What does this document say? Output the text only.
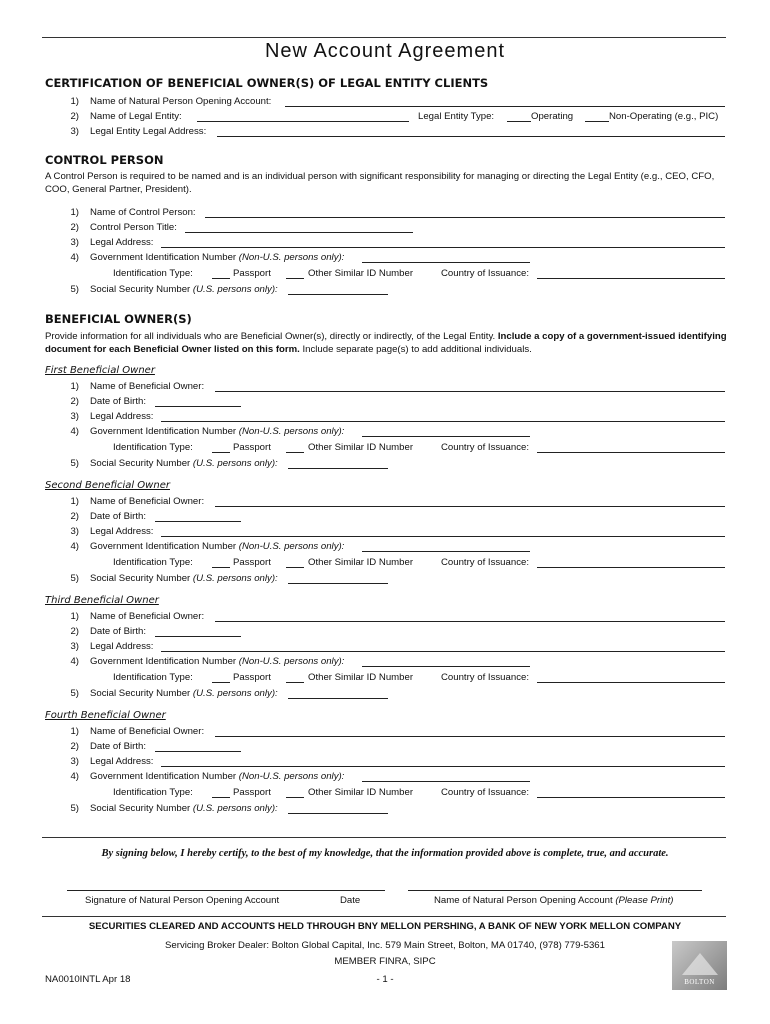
New Account Agreement
CERTIFICATION OF BENEFICIAL OWNER(S) OF LEGAL ENTITY CLIENTS
1) Name of Natural Person Opening Account:
2) Name of Legal Entity:	Legal Entity Type:	Operating	Non-Operating (e.g., PIC)
3) Legal Entity Legal Address:
CONTROL PERSON
A Control Person is required to be named and is an individual person with significant responsibility for managing or directing the Legal Entity (e.g., CEO, CFO, COO, General Partner, President).
1) Name of Control Person:
2) Control Person Title:
3) Legal Address:
4) Government Identification Number (Non-U.S. persons only):
Identification Type:	Passport	Other Similar ID Number	Country of Issuance:
5) Social Security Number (U.S. persons only):
BENEFICIAL OWNER(S)
Provide information for all individuals who are Beneficial Owner(s), directly or indirectly, of the Legal Entity. Include a copy of a government-issued identifying document for each Beneficial Owner listed on this form. Include separate page(s) to add additional individuals.
First Beneficial Owner
1) Name of Beneficial Owner:
2) Date of Birth:
3) Legal Address:
4) Government Identification Number (Non-U.S. persons only):
Identification Type:	Passport	Other Similar ID Number	Country of Issuance:
5) Social Security Number (U.S. persons only):
Second Beneficial Owner
1) Name of Beneficial Owner:
2) Date of Birth:
3) Legal Address:
4) Government Identification Number (Non-U.S. persons only):
Identification Type:	Passport	Other Similar ID Number	Country of Issuance:
5) Social Security Number (U.S. persons only):
Third Beneficial Owner
1) Name of Beneficial Owner:
2) Date of Birth:
3) Legal Address:
4) Government Identification Number (Non-U.S. persons only):
Identification Type:	Passport	Other Similar ID Number	Country of Issuance:
5) Social Security Number (U.S. persons only):
Fourth Beneficial Owner
1) Name of Beneficial Owner:
2) Date of Birth:
3) Legal Address:
4) Government Identification Number (Non-U.S. persons only):
Identification Type:	Passport	Other Similar ID Number	Country of Issuance:
5) Social Security Number (U.S. persons only):
By signing below, I hereby certify, to the best of my knowledge, that the information provided above is complete, true, and accurate.
Signature of Natural Person Opening Account	Date	Name of Natural Person Opening Account (Please Print)
SECURITIES CLEARED AND ACCOUNTS HELD THROUGH BNY MELLON PERSHING, A BANK OF NEW YORK MELLON COMPANY
Servicing Broker Dealer: Bolton Global Capital, Inc. 579 Main Street, Bolton, MA 01740, (978) 779-5361
MEMBER FINRA, SIPC
NA0010INTL Apr 18	- 1 -	BOLTON
